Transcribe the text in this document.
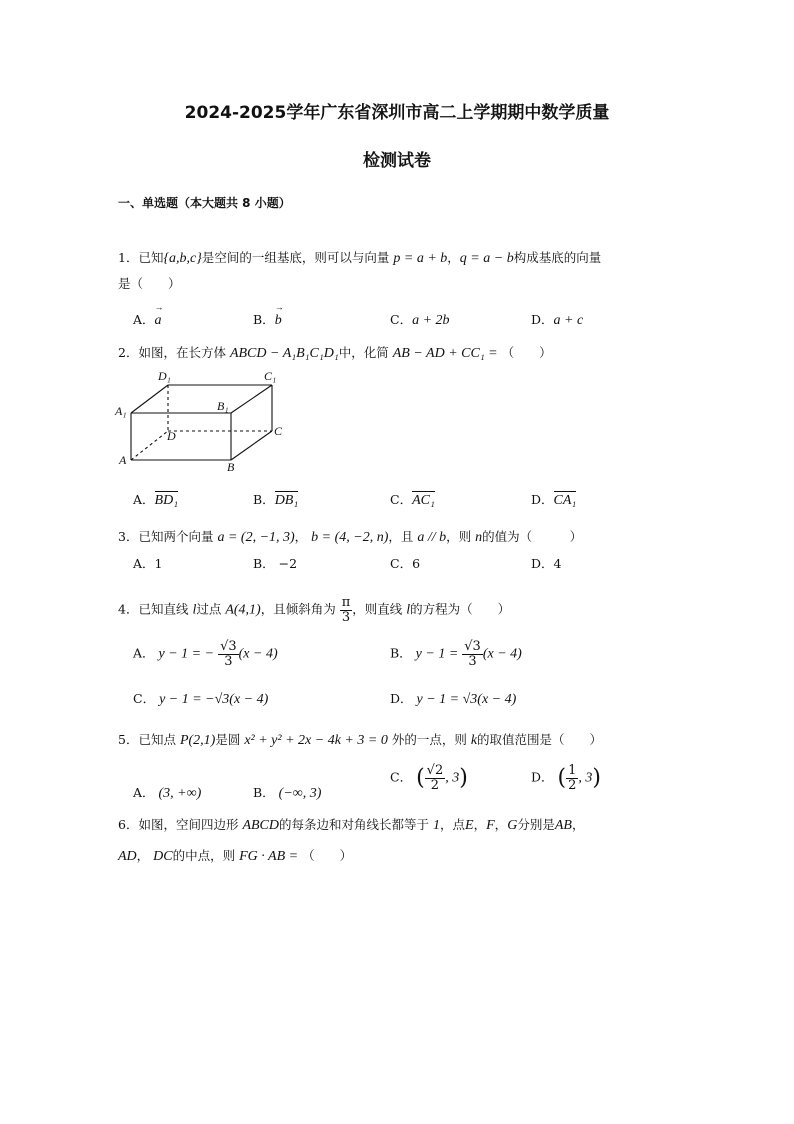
2024-2025学年广东省深圳市高二上学期期中数学质量
检测试卷
一、单选题（本大题共 8 小题）
1．已知{a,b,c}是空间的一组基底，则可以与向量 p = a + b，q = a − b构成基底的向量
是（　　）
A．→ a	B．→ b	C．a + 2b	D．a + c
2．如图，在长方体 ABCD − A₁B₁C₁D₁中，化简 AB − AD + CC₁ = （　　）
D₁	C₁
A₁	B₁
D	C
A	B
A．BD₁	B．DB₁	C．AC₁	D．CA₁
3．已知两个向量 a = (2, −1, 3)， b = (4, −2, n)，且 a // b，则 n的值为（　　　）
A．1	B． −2	C．6	D．4
4．已知直线 l过点 A(4,1)，且倾斜角为 $\frac{\pi}{3}$ ，则直线 l的方程为（　　）
A． y − 1 = − $\frac{√3}{3} (x - 4)$	B． $y - 1 = \frac{√3}{3} (x - 4)$
C． y − 1 = −√3(x − 4)	D． y − 1 = √3(x − 4)
5．已知点 P(2,1)是圆 x² + y² + 2x − 4k + 3 = 0 外的一点，则 k的取值范围是（　　）
A． (3, +∞)	B． (−∞, 3)
C． ( $\frac{√2}{2}$ , 3)	D． ( $\frac{1}{2}$ , 3)
6．如图，空间四边形 ABCD的每条边和对角线长都等于 1，点E，F，G分别是AB，
AD， DC的中点，则 FG · AB = （　　）
